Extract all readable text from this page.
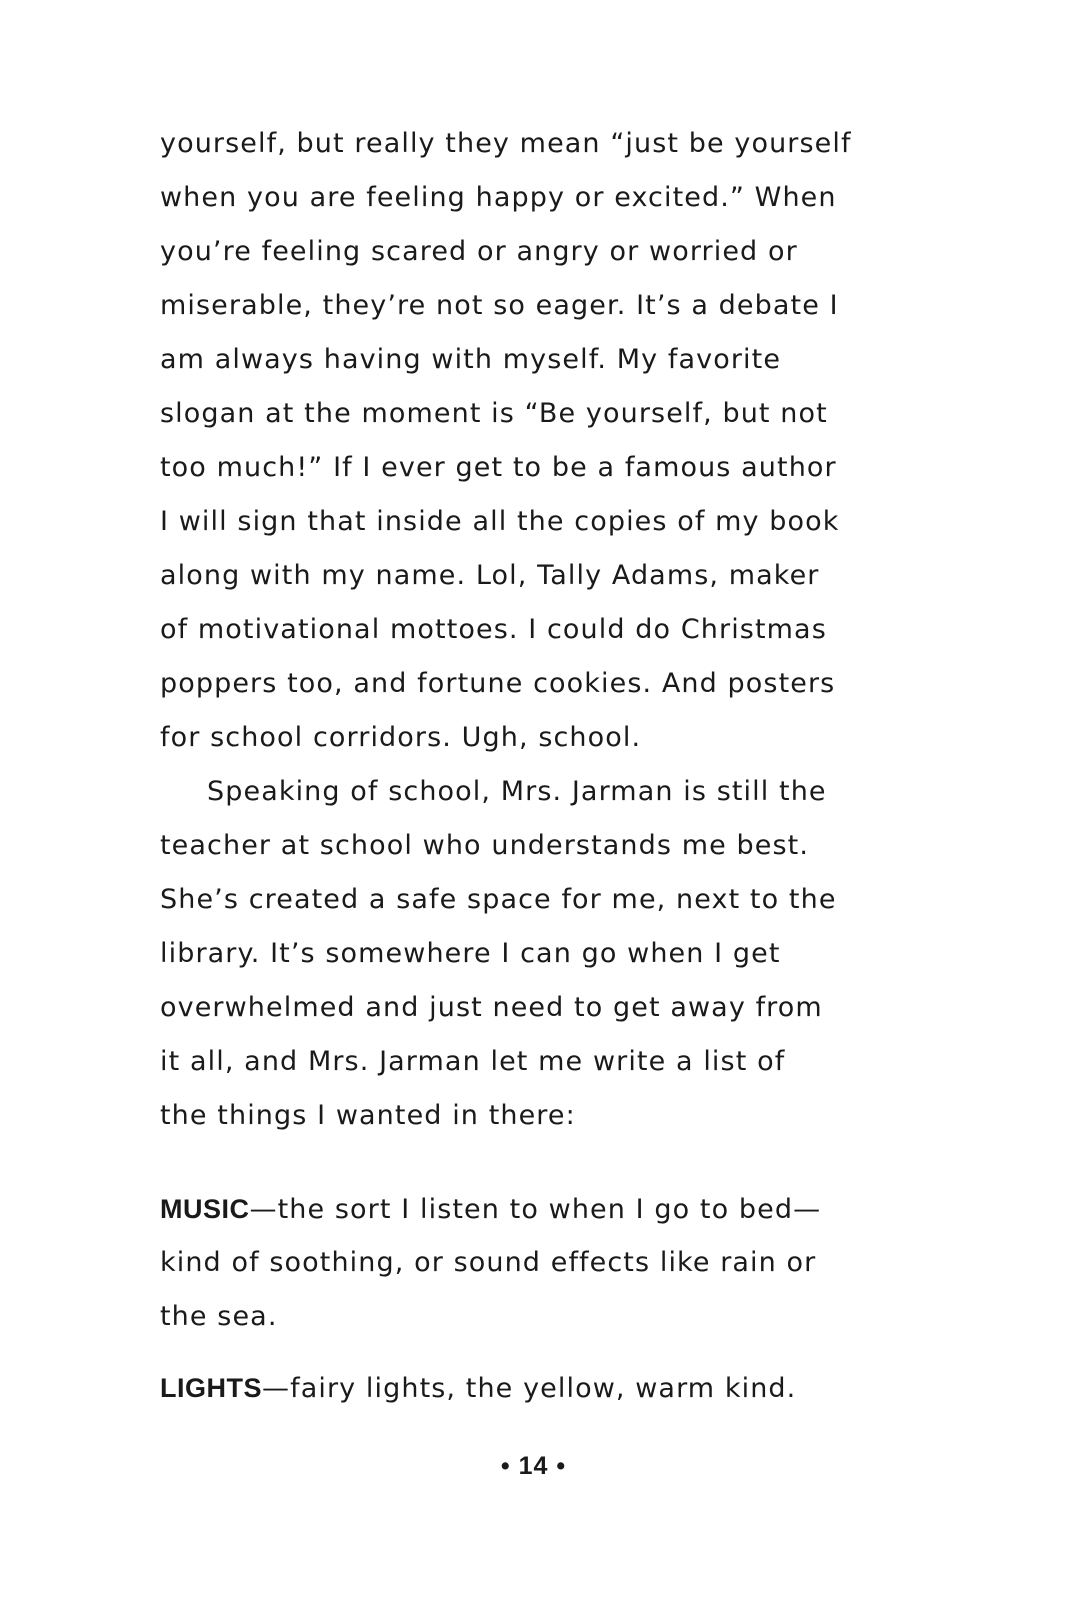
yourself, but really they mean “just be yourself
when you are feeling happy or excited.” When
you’re feeling scared or angry or worried or
miserable, they’re not so eager. It’s a debate I
am always having with myself. My favorite
slogan at the moment is “Be yourself, but not
too much!” If I ever get to be a famous author
I will sign that inside all the copies of my book
along with my name. Lol, Tally Adams, maker
of motivational mottoes. I could do Christmas
poppers too, and fortune cookies. And posters
for school corridors. Ugh, school.
Speaking of school, Mrs. Jarman is still the
teacher at school who understands me best.
She’s created a safe space for me, next to the
library. It’s somewhere I can go when I get
overwhelmed and just need to get away from
it all, and Mrs. Jarman let me write a list of
the things I wanted in there:
MUSIC—the sort I listen to when I go to bed—
kind of soothing, or sound effects like rain or
the sea.
LIGHTS—fairy lights, the yellow, warm kind.
• 14 •
